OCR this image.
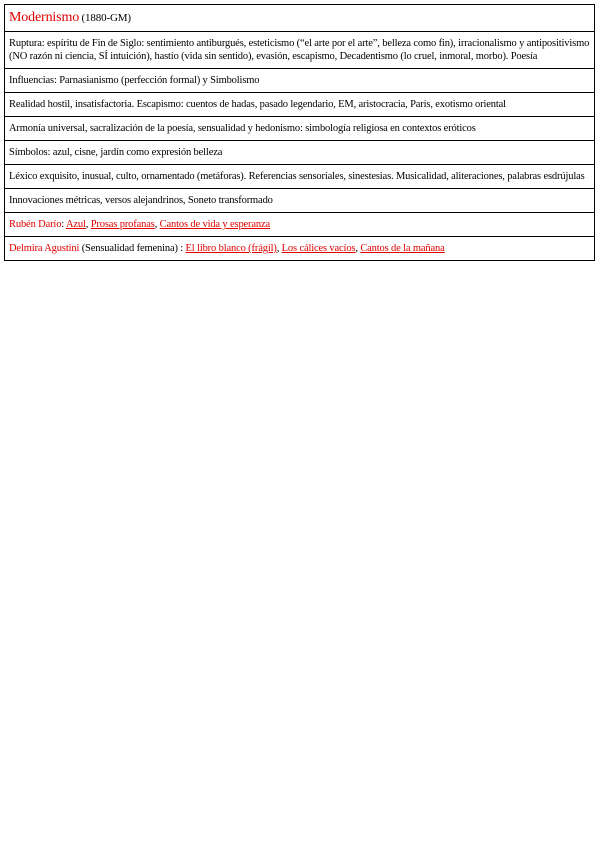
Modernismo (1880-GM)
Ruptura: espíritu de Fin de Siglo: sentimiento antiburgués, esteticismo (“el arte por el arte”, belleza como fin), irracionalismo y antipositivismo (NO razón ni ciencia, SÍ intuición), hastío (vida sin sentido), evasión, escapismo, Decadentismo (lo cruel, inmoral, morbo). Poesía
Influencias: Parnasianismo (perfección formal) y Simbolismo
Realidad hostil, insatisfactoria. Escapismo: cuentos de hadas, pasado legendario, EM, aristocracia, París, exotismo oriental
Armonía universal, sacralización de la poesía, sensualidad y hedonismo: simbología religiosa en contextos eróticos
Símbolos: azul, cisne, jardín como expresión belleza
Léxico exquisito, inusual, culto, ornamentado (metáforas). Referencias sensoriales, sinestesias. Musicalidad, aliteraciones, palabras esdrújulas
Innovaciones métricas, versos alejandrinos, Soneto transformado
Rubén Darío: Azul, Prosas profanas, Cantos de vida y esperanza
Delmira Agustini (Sensualidad femenina) : El libro blanco (frágil), Los cálices vacíos, Cantos de la mañana
